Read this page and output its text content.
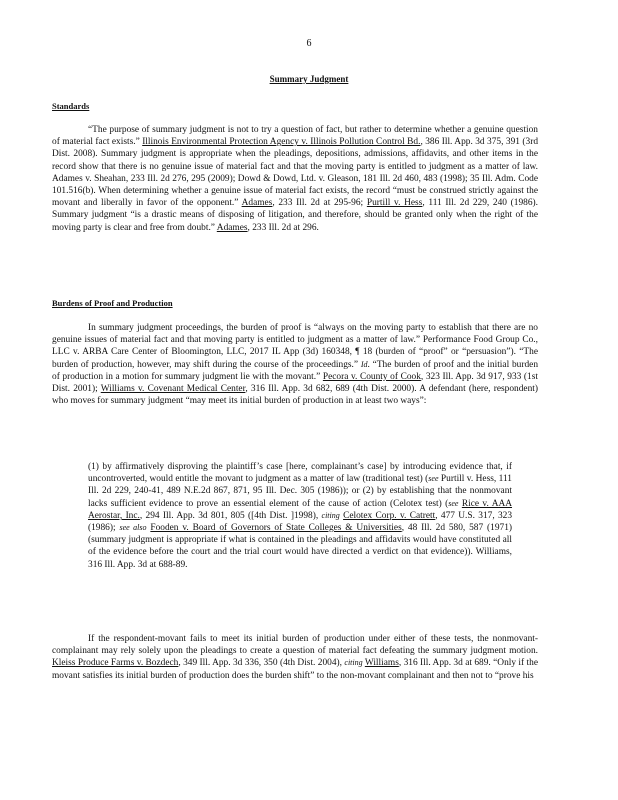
6
Summary Judgment
Standards

“The purpose of summary judgment is not to try a question of fact, but rather to determine whether a genuine question of material fact exists.” Illinois Environmental Protection Agency v. Illinois Pollution Control Bd., 386 Ill. App. 3d 375, 391 (3rd Dist. 2008). Summary judgment is appropriate when the pleadings, depositions, admissions, affidavits, and other items in the record show that there is no genuine issue of material fact and that the moving party is entitled to judgment as a matter of law. Adames v. Sheahan, 233 Ill. 2d 276, 295 (2009); Dowd & Dowd, Ltd. v. Gleason, 181 Ill. 2d 460, 483 (1998); 35 Ill. Adm. Code 101.516(b). When determining whether a genuine issue of material fact exists, the record “must be construed strictly against the movant and liberally in favor of the opponent.” Adames, 233 Ill. 2d at 295-96; Purtill v. Hess, 111 Ill. 2d 229, 240 (1986). Summary judgment “is a drastic means of disposing of litigation, and therefore, should be granted only when the right of the moving party is clear and free from doubt.” Adames, 233 Ill. 2d at 296.

Burdens of Proof and Production

In summary judgment proceedings, the burden of proof is “always on the moving party to establish that there are no genuine issues of material fact and that moving party is entitled to judgment as a matter of law.” Performance Food Group Co., LLC v. ARBA Care Center of Bloomington, LLC, 2017 IL App (3d) 160348, ¶ 18 (burden of “proof” or “persuasion”). “The burden of production, however, may shift during the course of the proceedings.” Id. “The burden of proof and the initial burden of production in a motion for summary judgment lie with the movant.” Pecora v. County of Cook, 323 Ill. App. 3d 917, 933 (1st Dist. 2001); Williams v. Covenant Medical Center, 316 Ill. App. 3d 682, 689 (4th Dist. 2000). A defendant (here, respondent) who moves for summary judgment “may meet its initial burden of production in at least two ways”:

(1) by affirmatively disproving the plaintiff’s case [here, complainant’s case] by introducing evidence that, if uncontroverted, would entitle the movant to judgment as a matter of law (traditional test) (see Purtill v. Hess, 111 Ill. 2d 229, 240-41, 489 N.E.2d 867, 871, 95 Ill. Dec. 305 (1986)); or (2) by establishing that the nonmovant lacks sufficient evidence to prove an essential element of the cause of action (Celotex test) (see Rice v. AAA Aerostar, Inc., 294 Ill. App. 3d 801, 805 ([4th Dist. ]1998), citing Celotex Corp. v. Catrett, 477 U.S. 317, 323 (1986); see also Fooden v. Board of Governors of State Colleges & Universities, 48 Ill. 2d 580, 587 (1971) (summary judgment is appropriate if what is contained in the pleadings and affidavits would have constituted all of the evidence before the court and the trial court would have directed a verdict on that evidence)). Williams, 316 Ill. App. 3d at 688-89.

If the respondent-movant fails to meet its initial burden of production under either of these tests, the nonmovant-complainant may rely solely upon the pleadings to create a question of material fact defeating the summary judgment motion. Kleiss Produce Farms v. Bozdech, 349 Ill. App. 3d 336, 350 (4th Dist. 2004), citing Williams, 316 Ill. App. 3d at 689. “Only if the movant satisfies its initial burden of production does the burden shift” to the non-movant complainant and then not to “prove his
